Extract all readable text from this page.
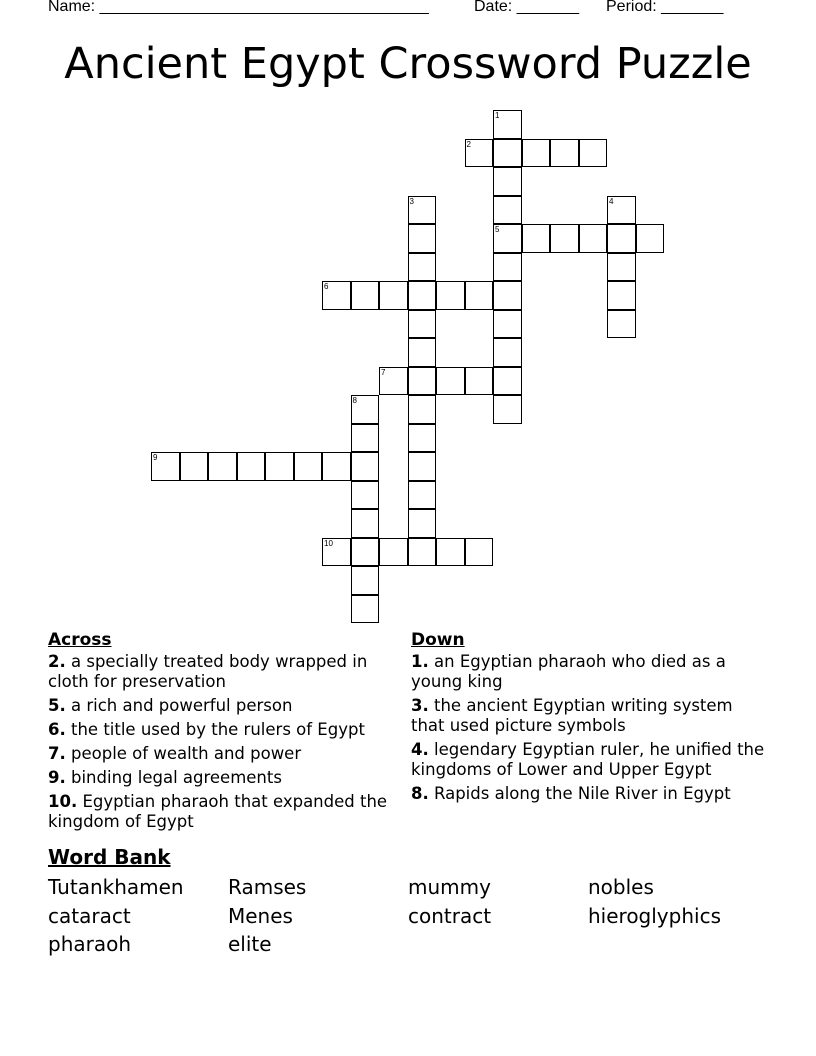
Name: _____________________________________	Date: _______ Period: _______
Ancient Egypt Crossword Puzzle
1
5
2
3	4
6
7
8
9
10
Across
2. a specially treated body wrapped in cloth for preservation
5. a rich and powerful person
6. the title used by the rulers of Egypt
7. people of wealth and power
9. binding legal agreements
10. Egyptian pharaoh that expanded the kingdom of Egypt
Down
1. an Egyptian pharaoh who died as a young king
3. the ancient Egyptian writing system that used picture symbols
4. legendary Egyptian ruler, he unified the kingdoms of Lower and Upper Egypt
8. Rapids along the Nile River in Egypt
Word Bank
Tutankhamen Ramses	mummy	nobles
cataract	Menes	contract	hieroglyphics
pharaoh	elite
